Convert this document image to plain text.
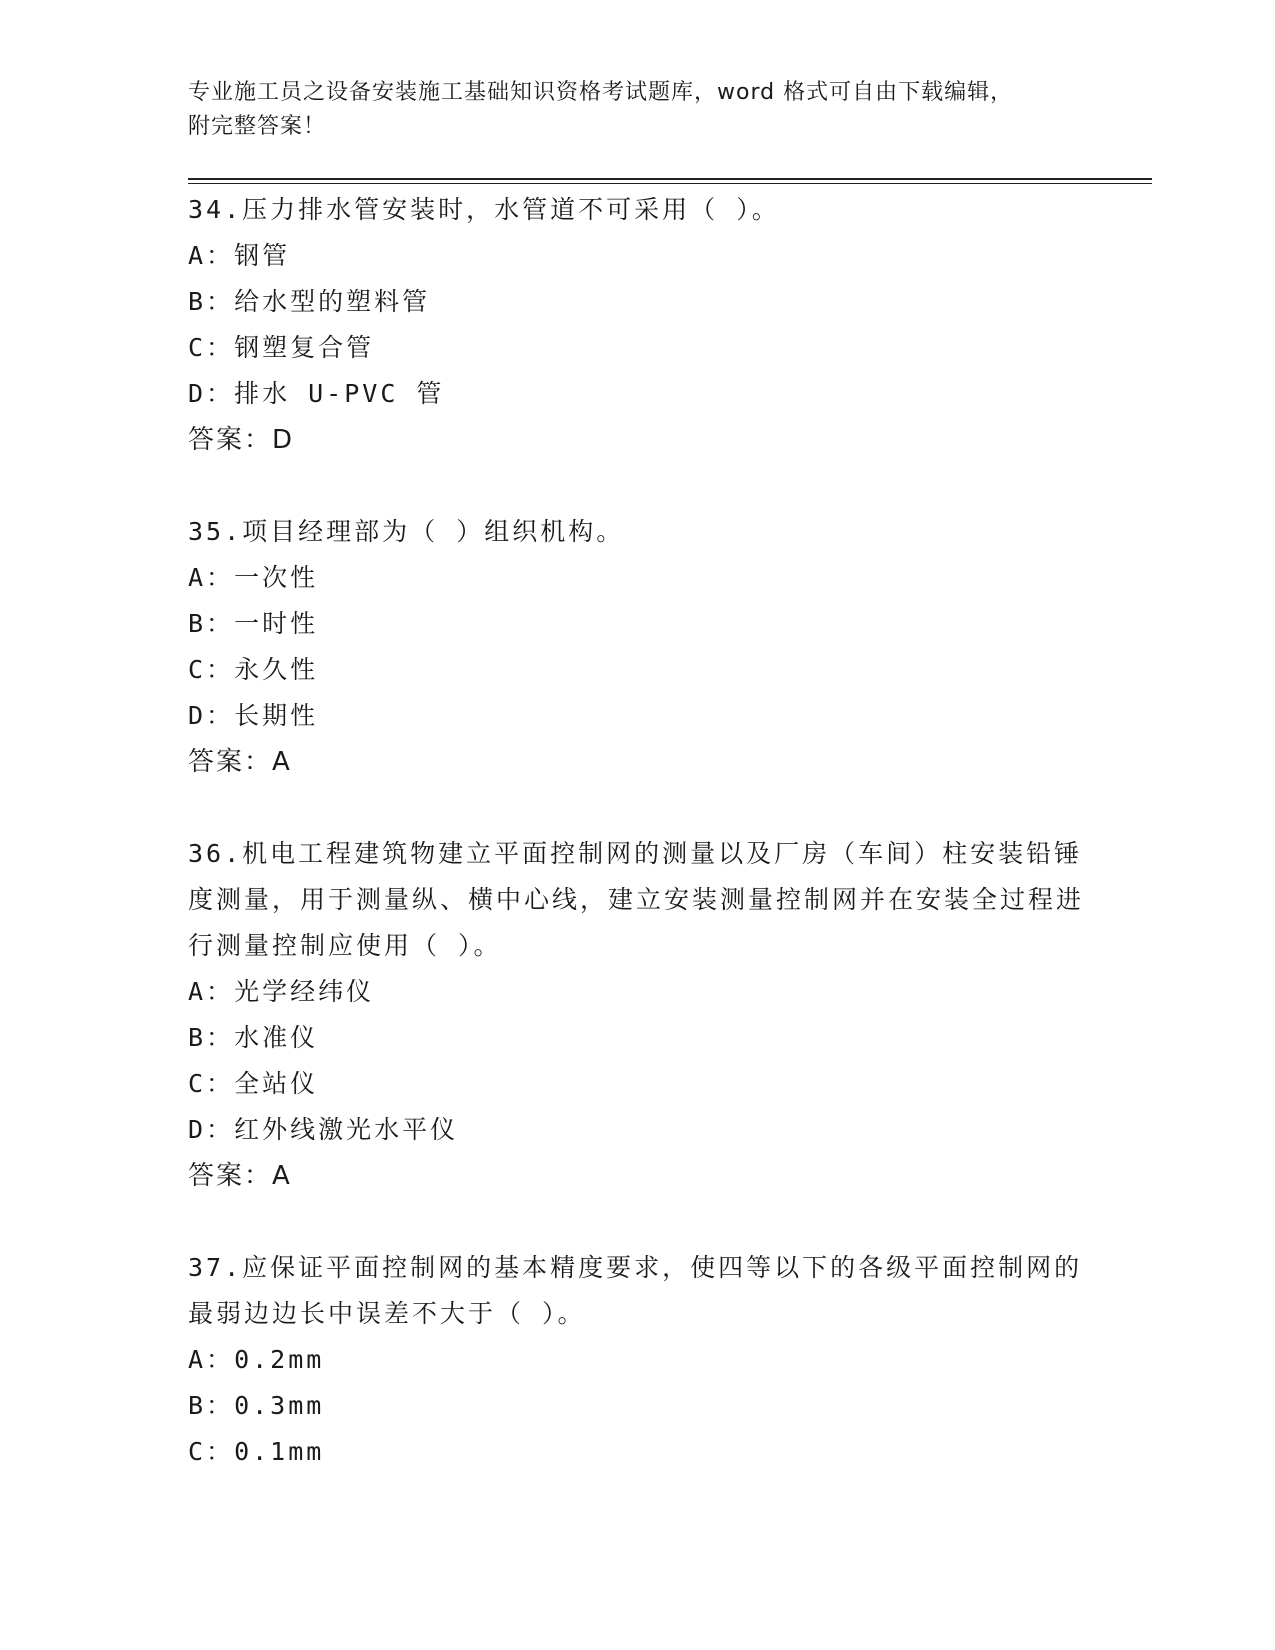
专业施工员之设备安装施工基础知识资格考试题库，word 格式可自由下载编辑，
附完整答案！
34.压力排水管安装时，水管道不可采用（ ）。
A：钢管
B：给水型的塑料管
C：钢塑复合管
D：排水 U-PVC 管
答案：D
35.项目经理部为（ ）组织机构。
A：一次性
B：一时性
C：永久性
D：长期性
答案：A
36.机电工程建筑物建立平面控制网的测量以及厂房（车间）柱安装铅锤度测量，用于测量纵、横中心线，建立安装测量控制网并在安装全过程进行测量控制应使用（ ）。
A：光学经纬仪
B：水准仪
C：全站仪
D：红外线激光水平仪
答案：A
37.应保证平面控制网的基本精度要求，使四等以下的各级平面控制网的最弱边边长中误差不大于（ ）。
A：0.2mm
B：0.3mm
C：0.1mm
